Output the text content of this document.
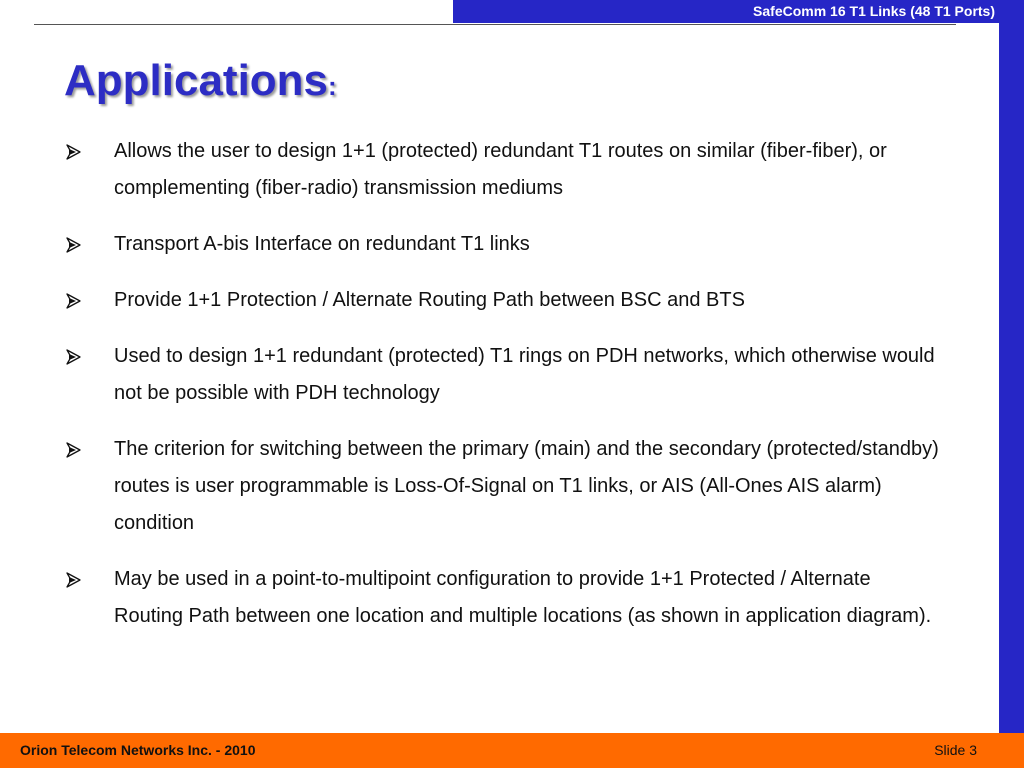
SafeComm 16 T1 Links (48 T1 Ports)
Applications:
Allows the user to design 1+1 (protected) redundant T1 routes on similar (fiber-fiber), or complementing (fiber-radio) transmission mediums
Transport A-bis Interface on redundant T1 links
Provide 1+1 Protection / Alternate Routing Path between BSC and BTS
Used to design 1+1 redundant (protected) T1 rings on PDH networks, which otherwise would not be possible with PDH technology
The criterion for switching between the primary (main) and the secondary (protected/standby) routes is user programmable is Loss-Of-Signal on T1 links, or AIS (All-Ones AIS alarm) condition
May be used in a point-to-multipoint configuration to provide 1+1 Protected / Alternate Routing Path between one location and multiple locations (as shown in application diagram).
Orion Telecom Networks Inc. - 2010	Slide 3
